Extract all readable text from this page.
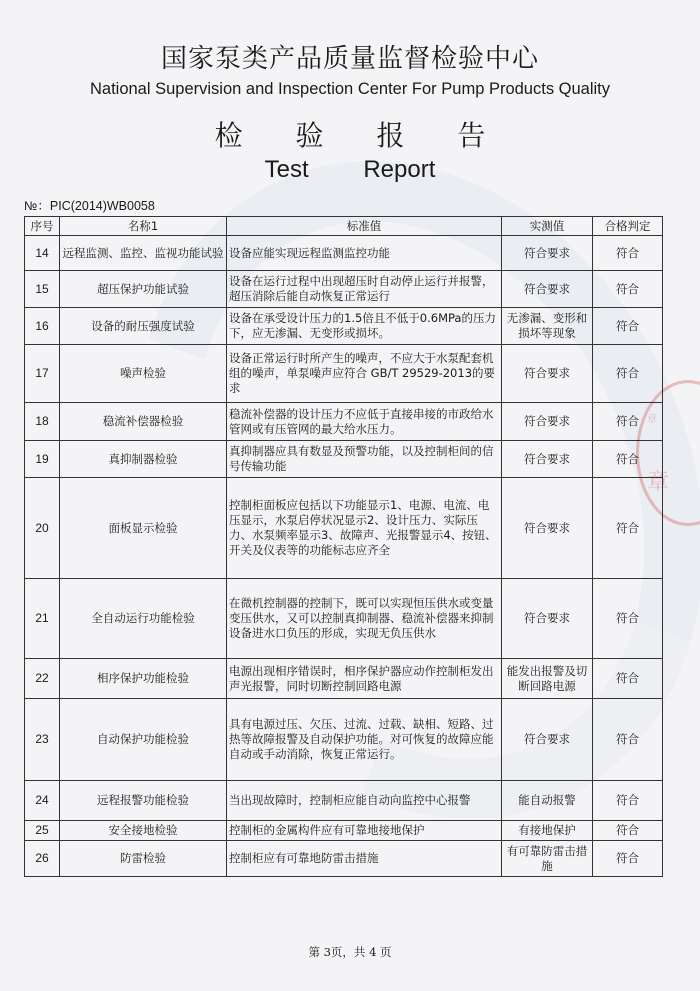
章
章
国家泵类产品质量监督检验中心
National Supervision and Inspection Center For Pump Products Quality
检 验 报 告
Test Report
№：PIC(2014)WB0058
序号	名称1	标准值	实测值	合格判定
14	远程监测、监控、监视功能试验	设备应能实现远程监测监控功能	符合要求	符合
15	超压保护功能试验	设备在运行过程中出现超压时自动停止运行并报警，超压消除后能自动恢复正常运行	符合要求	符合
16	设备的耐压强度试验	设备在承受设计压力的1.5倍且不低于0.6MPa的压力下，应无渗漏、无变形或损坏。	无渗漏、变形和损坏等现象	符合
17	噪声检验	设备正常运行时所产生的噪声，不应大于水泵配套机组的噪声，单泵噪声应符合 GB/T 29529-2013的要求	符合要求	符合
18	稳流补偿器检验	稳流补偿器的设计压力不应低于直接串接的市政给水管网或有压管网的最大给水压力。	符合要求	符合
19	真抑制器检验	真抑制器应具有数显及预警功能，以及控制柜间的信号传输功能	符合要求	符合
20	面板显示检验	控制柜面板应包括以下功能显示1、电源、电流、电压显示，水泵启停状况显示2、设计压力、实际压力、水泵频率显示3、故障声、光报警显示4、按钮、开关及仪表等的功能标志应齐全	符合要求	符合
21	全自动运行功能检验	在微机控制器的控制下，既可以实现恒压供水或变量变压供水，又可以控制真抑制器、稳流补偿器来抑制设备进水口负压的形成，实现无负压供水	符合要求	符合
22	相序保护功能检验	电源出现相序错误时，相序保护器应动作控制柜发出声光报警，同时切断控制回路电源	能发出报警及切断回路电源	符合
23	自动保护功能检验	具有电源过压、欠压、过流、过载、缺相、短路、过热等故障报警及自动保护功能。对可恢复的故障应能自动或手动消除，恢复正常运行。	符合要求	符合
24	远程报警功能检验	当出现故障时，控制柜应能自动向监控中心报警	能自动报警	符合
25	安全接地检验	控制柜的金属构件应有可靠地接地保护	有接地保护	符合
26	防雷检验	控制柜应有可靠地防雷击措施	有可靠防雷击措施	符合
第 3页，共 4 页
